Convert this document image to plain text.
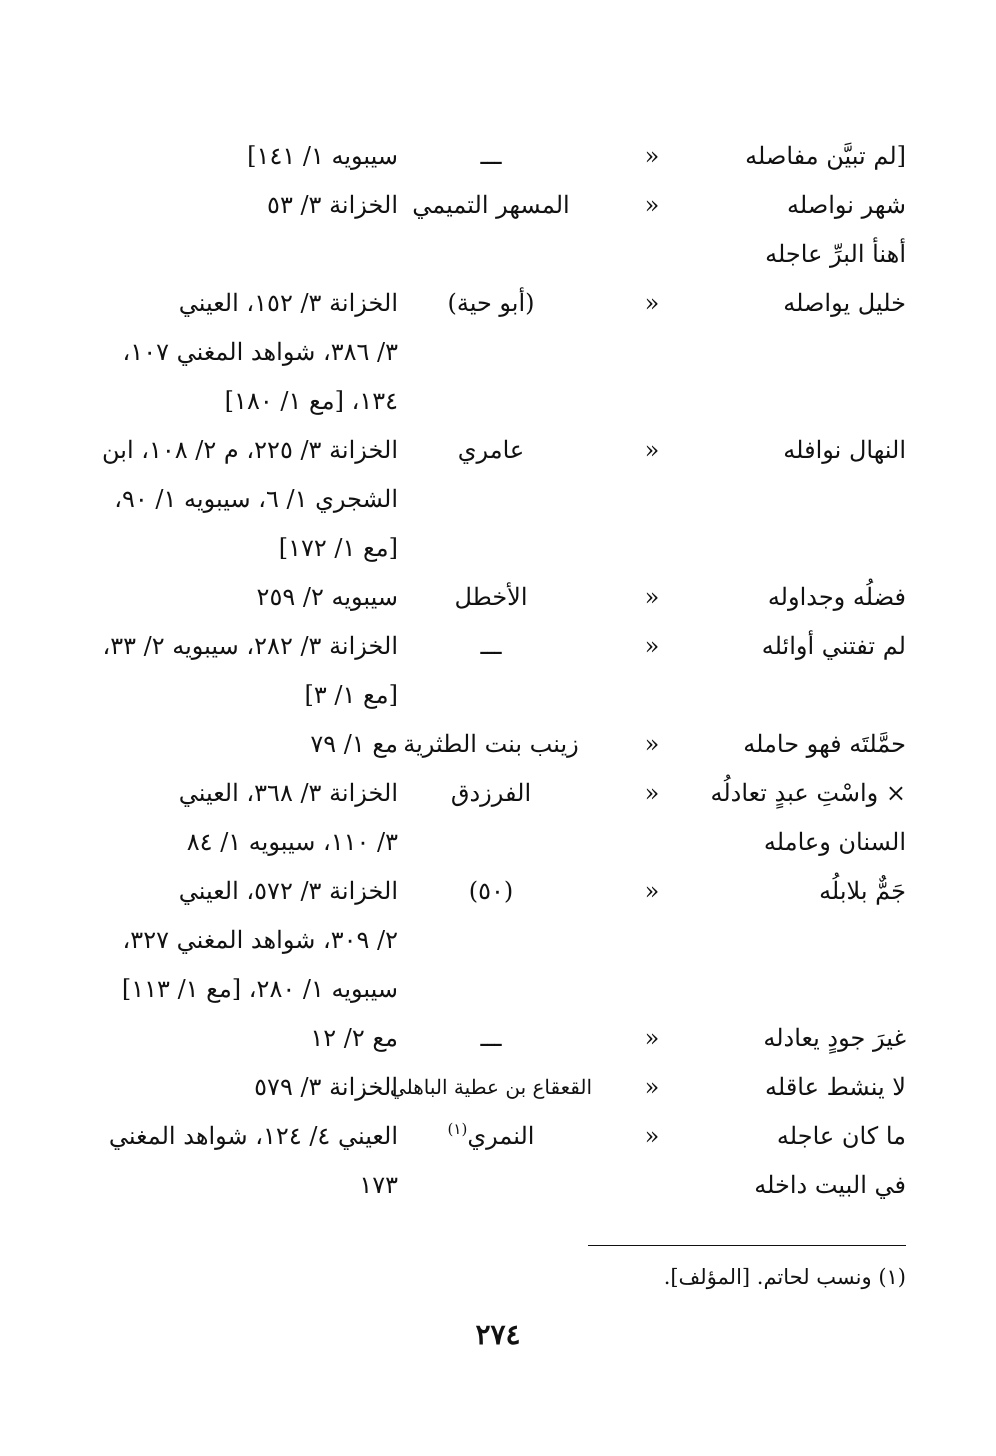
[لم تبيَّن مفاصله
«
ـــ
سيبويه ١/ ١٤١]
شهر نواصله
«
المسهر التميمي
الخزانة ٣/ ٥٣
أهنأ البرِّ عاجله
خليل يواصله
«
(أبو حية)
الخزانة ٣/ ١٥٢، العيني
٣/ ٣٨٦، شواهد المغني ١٠٧،
١٣٤، [مع ١/ ١٨٠]
النهال نوافله
«
عامري
الخزانة ٣/ ٢٢٥، م ٢/ ١٠٨، ابن
الشجري ١/ ٦، سيبويه ١/ ٩٠،
[مع ١/ ١٧٢]
فضلُه وجداوله
«
الأخطل
سيبويه ٢/ ٢٥٩
لم تفتني أوائله
«
ـــ
الخزانة ٣/ ٢٨٢، سيبويه ٢/ ٣٣،
[مع ١/ ٣]
حمَّلتَه فهو حامله
«
زينب بنت الطثرية
مع ١/ ٧٩
× واسْتِ عبدٍ تعادلُه
السنان وعامله
«
الفرزدق
الخزانة ٣/ ٣٦٨، العيني
٣/ ١١٠، سيبويه ١/ ٨٤
جَمٌّ بلابلُه
«
(٥٠)
الخزانة ٣/ ٥٧٢، العيني
٢/ ٣٠٩، شواهد المغني ٣٢٧،
سيبويه ١/ ٢٨٠، [مع ١/ ١١٣]
غيرَ جودٍ يعادله
«
ـــ
مع ٢/ ١٢
لا ينشط عاقله
«
القعقاع بن عطية الباهلي
الخزانة ٣/ ٥٧٩
ما كان عاجله
في البيت داخله
«
النمري$^{(١)}$
العيني ٤/ ١٢٤، شواهد المغني
١٧٣
(١) ونسب لحاتم. [المؤلف].
٢٧٤
